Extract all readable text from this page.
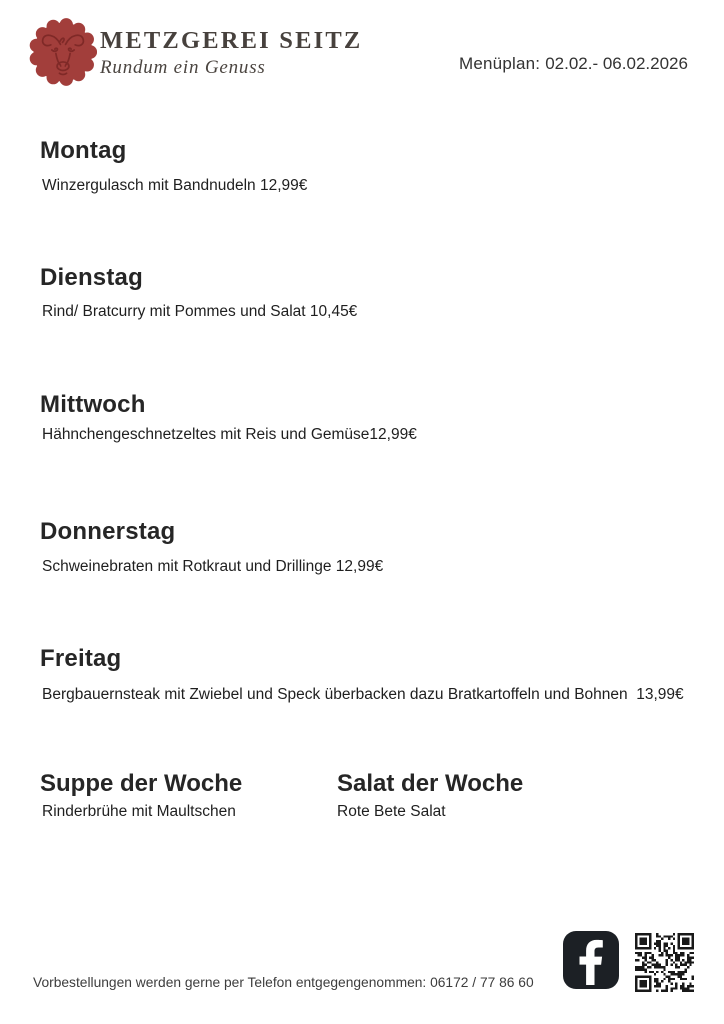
METZGEREI SEITZ
Rundum ein Genuss	Menüplan: 02.02.- 06.02.2026
Montag
Winzergulasch mit Bandnudeln 12,99€
Dienstag
Rind/ Bratcurry mit Pommes und Salat 10,45€
Mittwoch
Hähnchengeschnetzeltes mit Reis und Gemüse12,99€
Donnerstag
Schweinebraten mit Rotkraut und Drillinge 12,99€
Freitag
Bergbauernsteak mit Zwiebel und Speck überbacken dazu Bratkartoffeln und Bohnen  13,99€
Suppe der Woche
Rinderbrühe mit Maultschen
Salat der Woche
Rote Bete Salat
Vorbestellungen werden gerne per Telefon entgegengenommen: 06172 / 77 86 60
